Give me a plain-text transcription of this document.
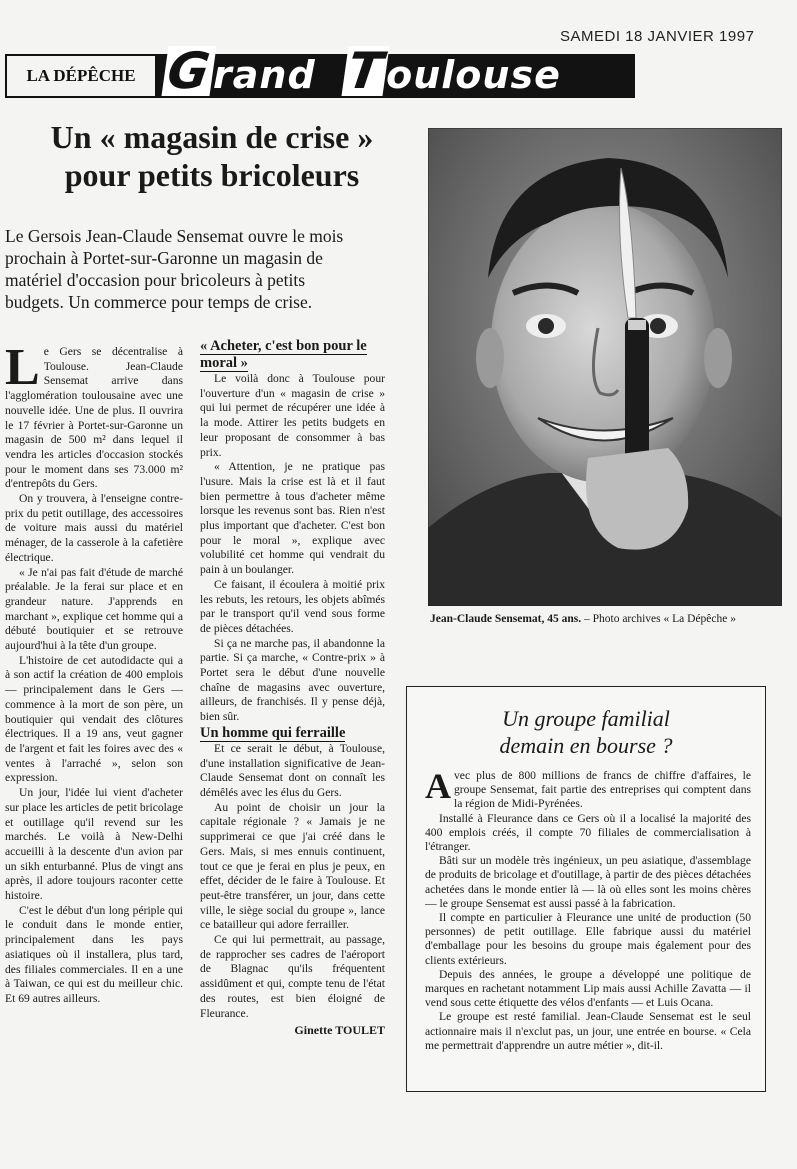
SAMEDI 18 JANVIER 1997
LA DÉPÊCHE Grand Toulouse
Un « magasin de crise »
pour petits bricoleurs
Le Gersois Jean-Claude Sensemat ouvre le mois prochain à Portet-sur-Garonne un magasin de matériel d'occasion pour bricoleurs à petits budgets. Un commerce pour temps de crise.

Le Gers se décentralise à Toulouse. Jean-Claude Sensemat arrive dans l'agglomération toulousaine avec une nouvelle idée. Une de plus. Il ouvrira le 17 février à Portet-sur-Garonne un magasin de 500 m² dans lequel il vendra les articles d'occasion stockés pour le moment dans ses 73.000 m² d'entrepôts du Gers.

On y trouvera, à l'enseigne contre-prix du petit outillage, des accessoires de voiture mais aussi du matériel ménager, de la casserole à la cafetière électrique.

« Je n'ai pas fait d'étude de marché préalable. Je la ferai sur place et en grandeur nature. J'apprends en marchant », explique cet homme qui a débuté boutiquier et se retrouve aujourd'hui à la tête d'un groupe.

L'histoire de cet autodidacte qui a à son actif la création de 400 emplois — principalement dans le Gers — commence à la mort de son père, un boutiquier qui vendait des clôtures électriques. Il a 19 ans, veut gagner de l'argent et fait les foires avec des « ventes à l'arraché », selon son expression.

Un jour, l'idée lui vient d'acheter sur place les articles de petit bricolage et outillage qu'il revend sur les marchés. Le voilà à New-Delhi accueilli à la descente d'un avion par un sikh enturbanné. Plus de vingt ans après, il adore toujours raconter cette histoire.

C'est le début d'un long périple qui le conduit dans le monde entier, principalement dans les pays asiatiques où il installera, plus tard, des filiales commerciales. Il en a une à Taiwan, ce qui est du meilleur chic. Et 69 autres ailleurs.

« Acheter, c'est bon pour le moral »

Le voilà donc à Toulouse pour l'ouverture d'un « magasin de crise » qui lui permet de récupérer une idée à la mode. Attirer les petits budgets en leur proposant de consommer à bas prix.

« Attention, je ne pratique pas l'usure. Mais la crise est là et il faut bien permettre à tous d'acheter même lorsque les revenus sont bas. Rien n'est plus important que d'acheter. C'est bon pour le moral », explique avec volubilité cet homme qui vendrait du pain à un boulanger.

Ce faisant, il écoulera à moitié prix les rebuts, les retours, les objets abîmés par le transport qu'il vend sous forme de pièces détachées.

Si ça ne marche pas, il abandonne la partie. Si ça marche, « Contre-prix » à Portet sera le début d'une nouvelle chaîne de magasins avec ouverture, ailleurs, de franchisés. Il y pense déjà, bien sûr.

Un homme qui ferraille

Et ce serait le début, à Toulouse, d'une installation significative de Jean-Claude Sensemat dont on connaît les démêlés avec les élus du Gers.

Au point de choisir un jour la capitale régionale ? « Jamais je ne supprimerai ce que j'ai créé dans le Gers. Mais, si mes ennuis continuent, tout ce que je ferai en plus je peux, en effet, décider de le faire à Toulouse. Et peut-être transférer, un jour, dans cette ville, le siège social du groupe », lance ce batailleur qui adore ferrailler.

Ce qui lui permettrait, au passage, de rapprocher ses cadres de l'aéroport de Blagnac qu'ils fréquentent assidûment et qui, compte tenu de l'état des routes, est bien éloigné de Fleurance.

Ginette TOULET

Jean-Claude Sensemat, 45 ans. – Photo archives « La Dépêche »
Un groupe familial
demain en bourse ?

Avec plus de 800 millions de francs de chiffre d'affaires, le groupe Sensemat, fait partie des entreprises qui comptent dans la région de Midi-Pyrénées.

Installé à Fleurance dans ce Gers où il a localisé la majorité des 400 emplois créés, il compte 70 filiales de commercialisation à l'étranger.

Bâti sur un modèle très ingénieux, un peu asiatique, d'assemblage de produits de bricolage et d'outillage, à partir de des pièces détachées achetées dans le monde entier là — là où elles sont les moins chères — le groupe Sensemat est aussi passé à la fabrication.

Il compte en particulier à Fleurance une unité de production (50 personnes) de petit outillage. Elle fabrique aussi du matériel d'emballage pour les besoins du groupe mais également pour des clients extérieurs.

Depuis des années, le groupe a développé une politique de marques en rachetant notamment Lip mais aussi Achille Zavatta — il vend sous cette étiquette des vélos d'enfants — et Luis Ocana.

Le groupe est resté familial. Jean-Claude Sensemat est le seul actionnaire mais il n'exclut pas, un jour, une entrée en bourse. « Cela me permettrait d'apprendre un autre métier », dit-il.
